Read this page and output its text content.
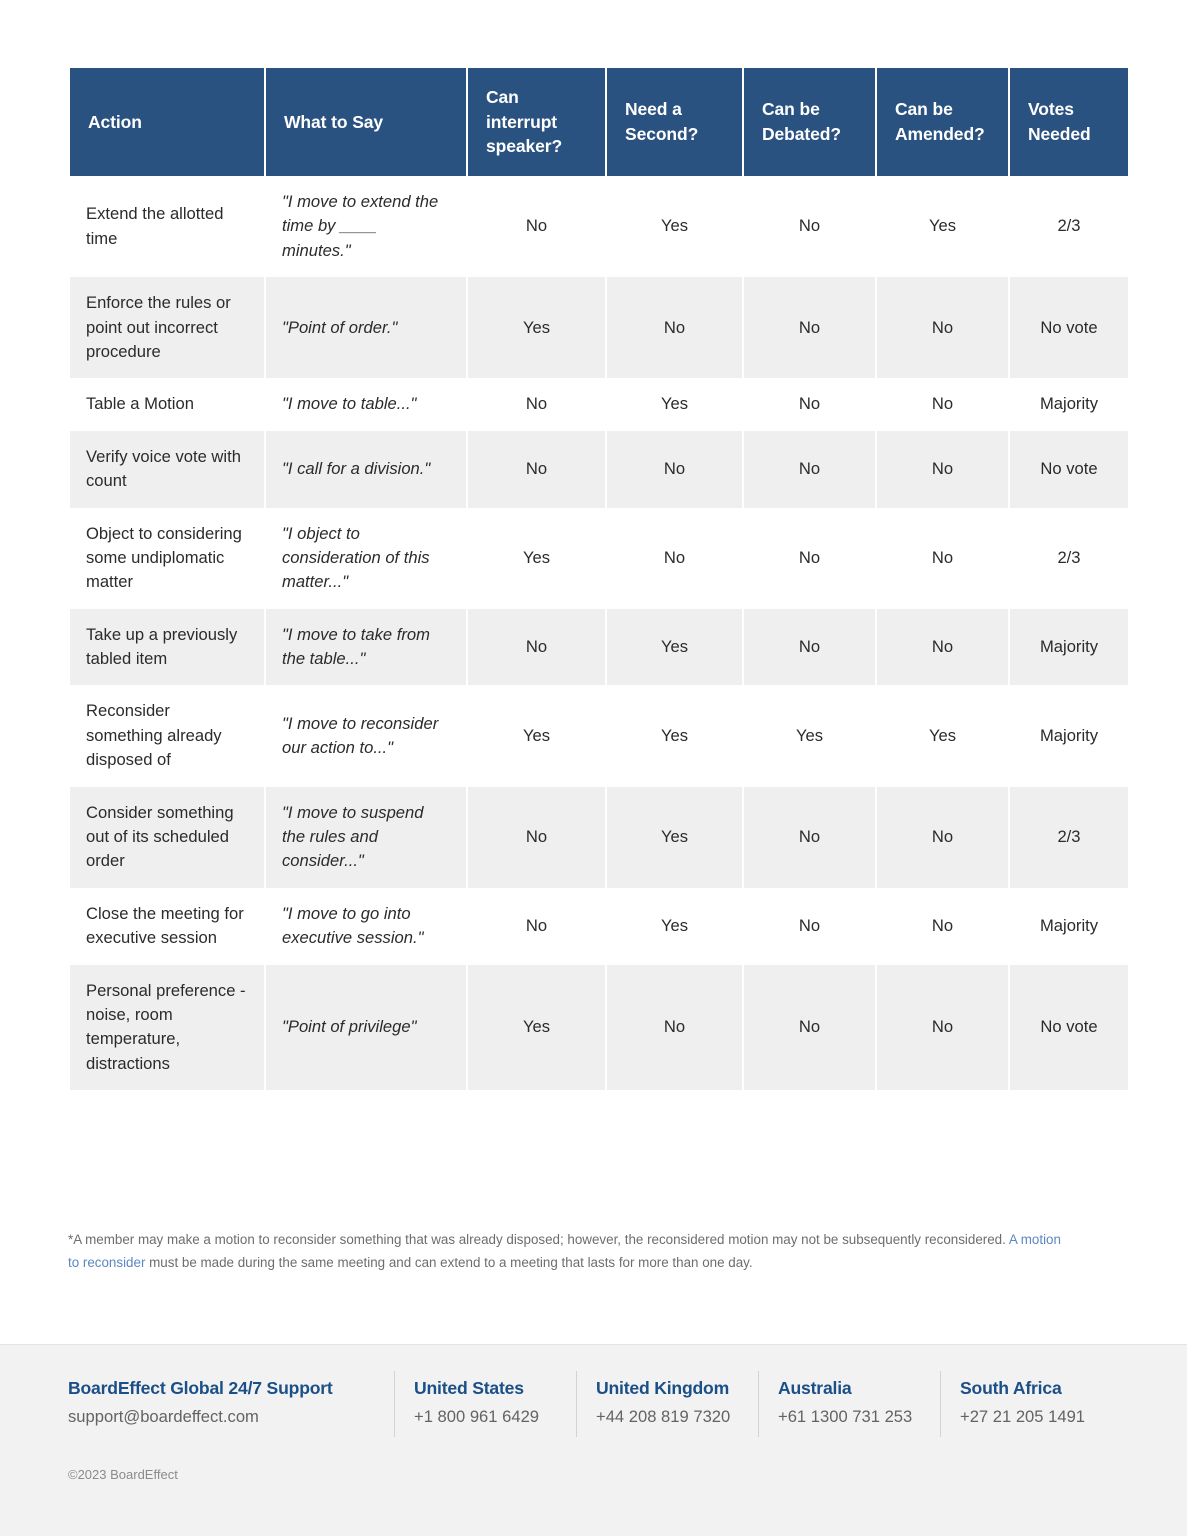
Action	What to Say	Can interrupt speaker?	Need a Second?	Can be Debated?	Can be Amended?	Votes Needed
Extend the allotted time	"I move to extend the time by ____ minutes."	No	Yes	No	Yes	2/3
Enforce the rules or point out incorrect procedure	"Point of order."	Yes	No	No	No	No vote
Table a Motion	"I move to table..."	No	Yes	No	No	Majority
Verify voice vote with count	"I call for a division."	No	No	No	No	No vote
Object to considering some undiplomatic matter	"I object to consideration of this matter..."	Yes	No	No	No	2/3
Take up a previously tabled item	"I move to take from the table..."	No	Yes	No	No	Majority
Reconsider something already disposed of	"I move to reconsider our action to..."	Yes	Yes	Yes	Yes	Majority
Consider something out of its scheduled order	"I move to suspend the rules and consider..."	No	Yes	No	No	2/3
Close the meeting for executive session	"I move to go into executive session."	No	Yes	No	No	Majority
Personal preference - noise, room temperature, distractions	"Point of privilege"	Yes	No	No	No	No vote

*A member may make a motion to reconsider something that was already disposed; however, the reconsidered motion may not be subsequently reconsidered. A motion to reconsider must be made during the same meeting and can extend to a meeting that lasts for more than one day.

BoardEffect Global 24/7 Support
support@boardeffect.com
United States
+1 800 961 6429
United Kingdom
+44 208 819 7320
Australia
+61 1300 731 253
South Africa
+27 21 205 1491
©2023 BoardEffect
